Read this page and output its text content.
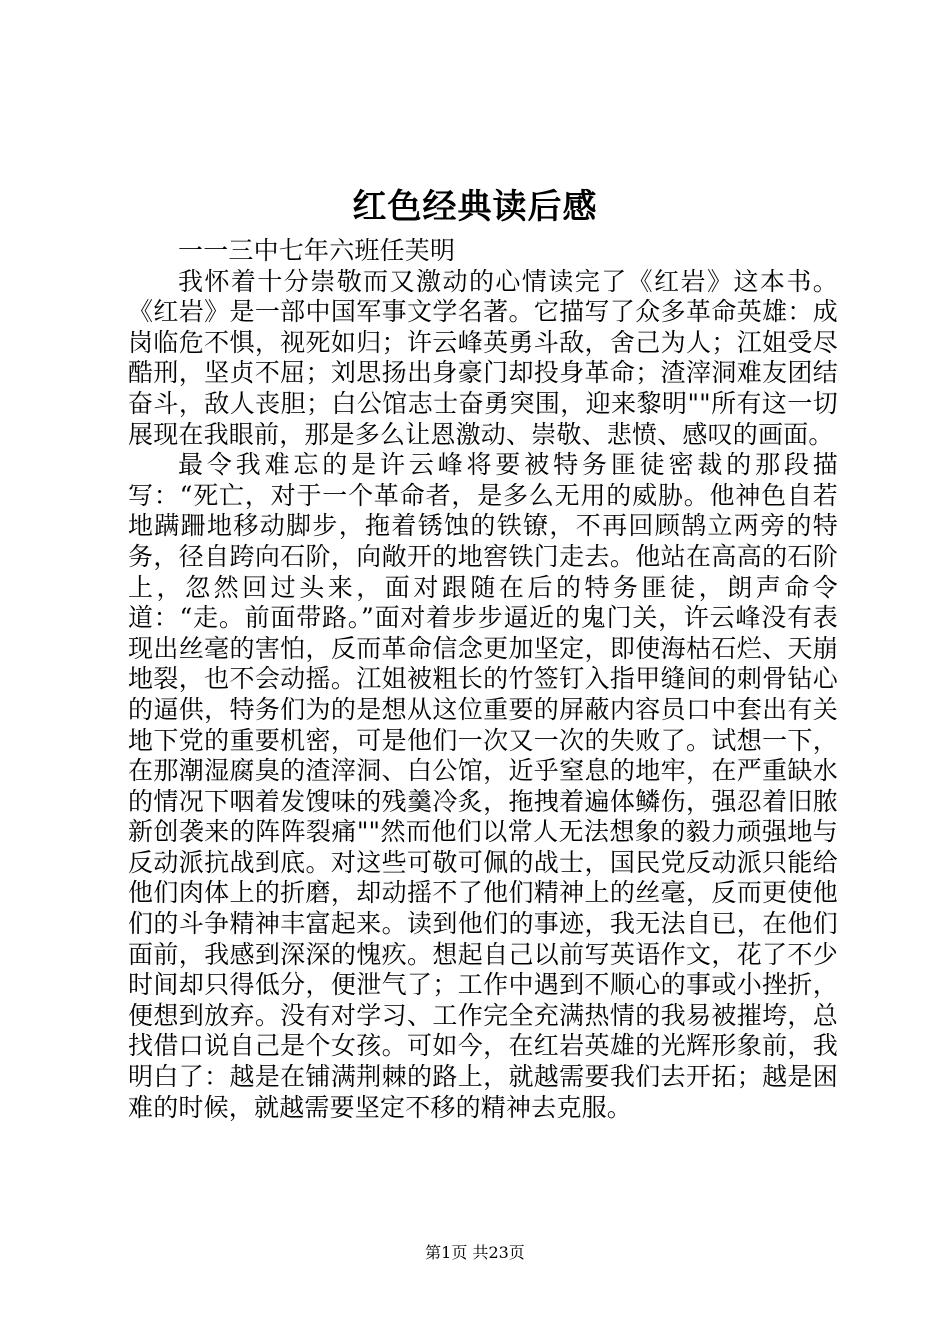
红色经典读后感

一一三中七年六班任芙明

我怀着十分崇敬而又激动的心情读完了《红岩》这本书。《红岩》是一部中国军事文学名著。它描写了众多革命英雄：成岗临危不惧，视死如归；许云峰英勇斗敌，舍己为人；江姐受尽酷刑，坚贞不屈；刘思扬出身豪门却投身革命；渣滓洞难友团结奋斗，敌人丧胆；白公馆志士奋勇突围，迎来黎明""所有这一切展现在我眼前，那是多么让恩激动、崇敬、悲愤、感叹的画面。

最令我难忘的是许云峰将要被特务匪徒密裁的那段描写：“死亡，对于一个革命者，是多么无用的威胁。他神色自若地蹒跚地移动脚步，拖着锈蚀的铁镣，不再回顾鹄立两旁的特务，径自跨向石阶，向敞开的地窖铁门走去。他站在高高的石阶上，忽然回过头来，面对跟随在后的特务匪徒，朗声命令道：“走。前面带路。”面对着步步逼近的鬼门关，许云峰没有表现出丝毫的害怕，反而革命信念更加坚定，即使海枯石烂、天崩地裂，也不会动摇。江姐被粗长的竹签钉入指甲缝间的刺骨钻心的逼供，特务们为的是想从这位重要的屏蔽内容员口中套出有关地下党的重要机密，可是他们一次又一次的失败了。试想一下，在那潮湿腐臭的渣滓洞、白公馆，近乎窒息的地牢，在严重缺水的情况下咽着发馊味的残羹冷炙，拖拽着遍体鳞伤，强忍着旧脓新创袭来的阵阵裂痛""然而他们以常人无法想象的毅力顽强地与反动派抗战到底。对这些可敬可佩的战士，国民党反动派只能给他们肉体上的折磨，却动摇不了他们精神上的丝毫，反而更使他们的斗争精神丰富起来。读到他们的事迹，我无法自已，在他们面前，我感到深深的愧疚。想起自己以前写英语作文，花了不少时间却只得低分，便泄气了；工作中遇到不顺心的事或小挫折，便想到放弃。没有对学习、工作完全充满热情的我易被摧垮，总找借口说自己是个女孩。可如今，在红岩英雄的光辉形象前，我明白了：越是在铺满荆棘的路上，就越需要我们去开拓；越是困难的时候，就越需要坚定不移的精神去克服。

第1页 共23页
